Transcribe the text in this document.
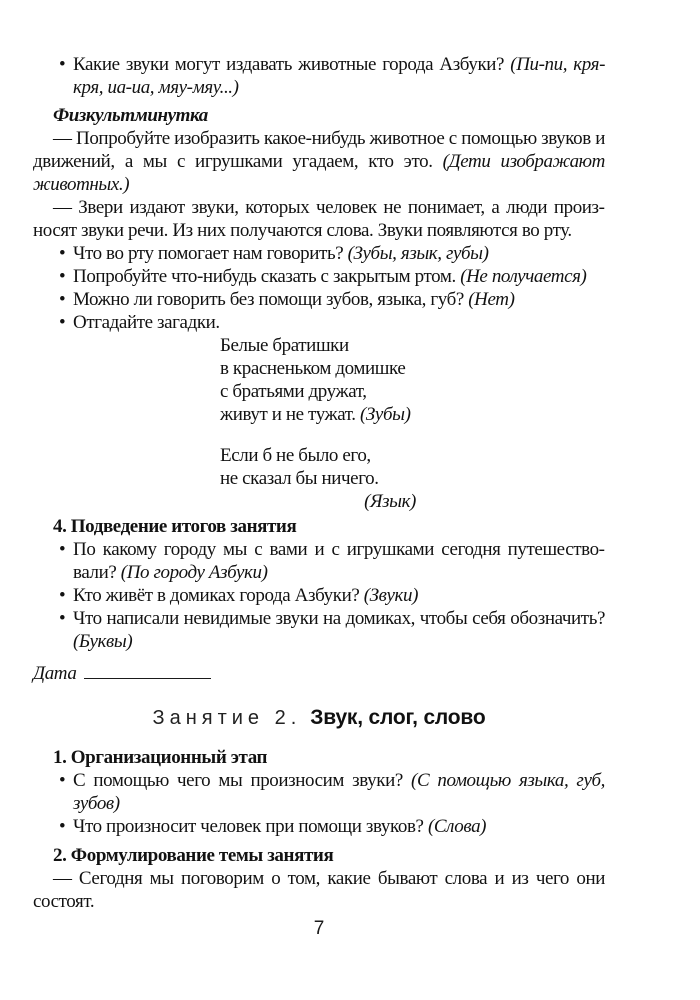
• Какие звуки могут издавать животные города Азбуки? (Пи-пи, кря-кря, иа-иа, мяу-мяу...)
Физкультминутка
— Попробуйте изобразить какое-нибудь животное с помощью звуков и движений, а мы с игрушками угадаем, кто это. (Дети изображают животных.)
— Звери издают звуки, которых человек не понимает, а люди произносят звуки речи. Из них получаются слова. Звуки появляются во рту.
• Что во рту помогает нам говорить? (Зубы, язык, губы)
• Попробуйте что-нибудь сказать с закрытым ртом. (Не получается)
• Можно ли говорить без помощи зубов, языка, губ? (Нет)
• Отгадайте загадки.
Белые братишки
в красненьком домишке
с братьями дружат,
живут и не тужат. (Зубы)
Если б не было его,
не сказал бы ничего.
(Язык)
4. Подведение итогов занятия
• По какому городу мы с вами и с игрушками сегодня путешествовали? (По городу Азбуки)
• Кто живёт в домиках города Азбуки? (Звуки)
• Что написали невидимые звуки на домиках, чтобы себя обозначить? (Буквы)
Дата
Занятие 2. Звук, слог, слово
1. Организационный этап
• С помощью чего мы произносим звуки? (С помощью языка, губ, зубов)
• Что произносит человек при помощи звуков? (Слова)
2. Формулирование темы занятия
— Сегодня мы поговорим о том, какие бывают слова и из чего они состоят.
7
